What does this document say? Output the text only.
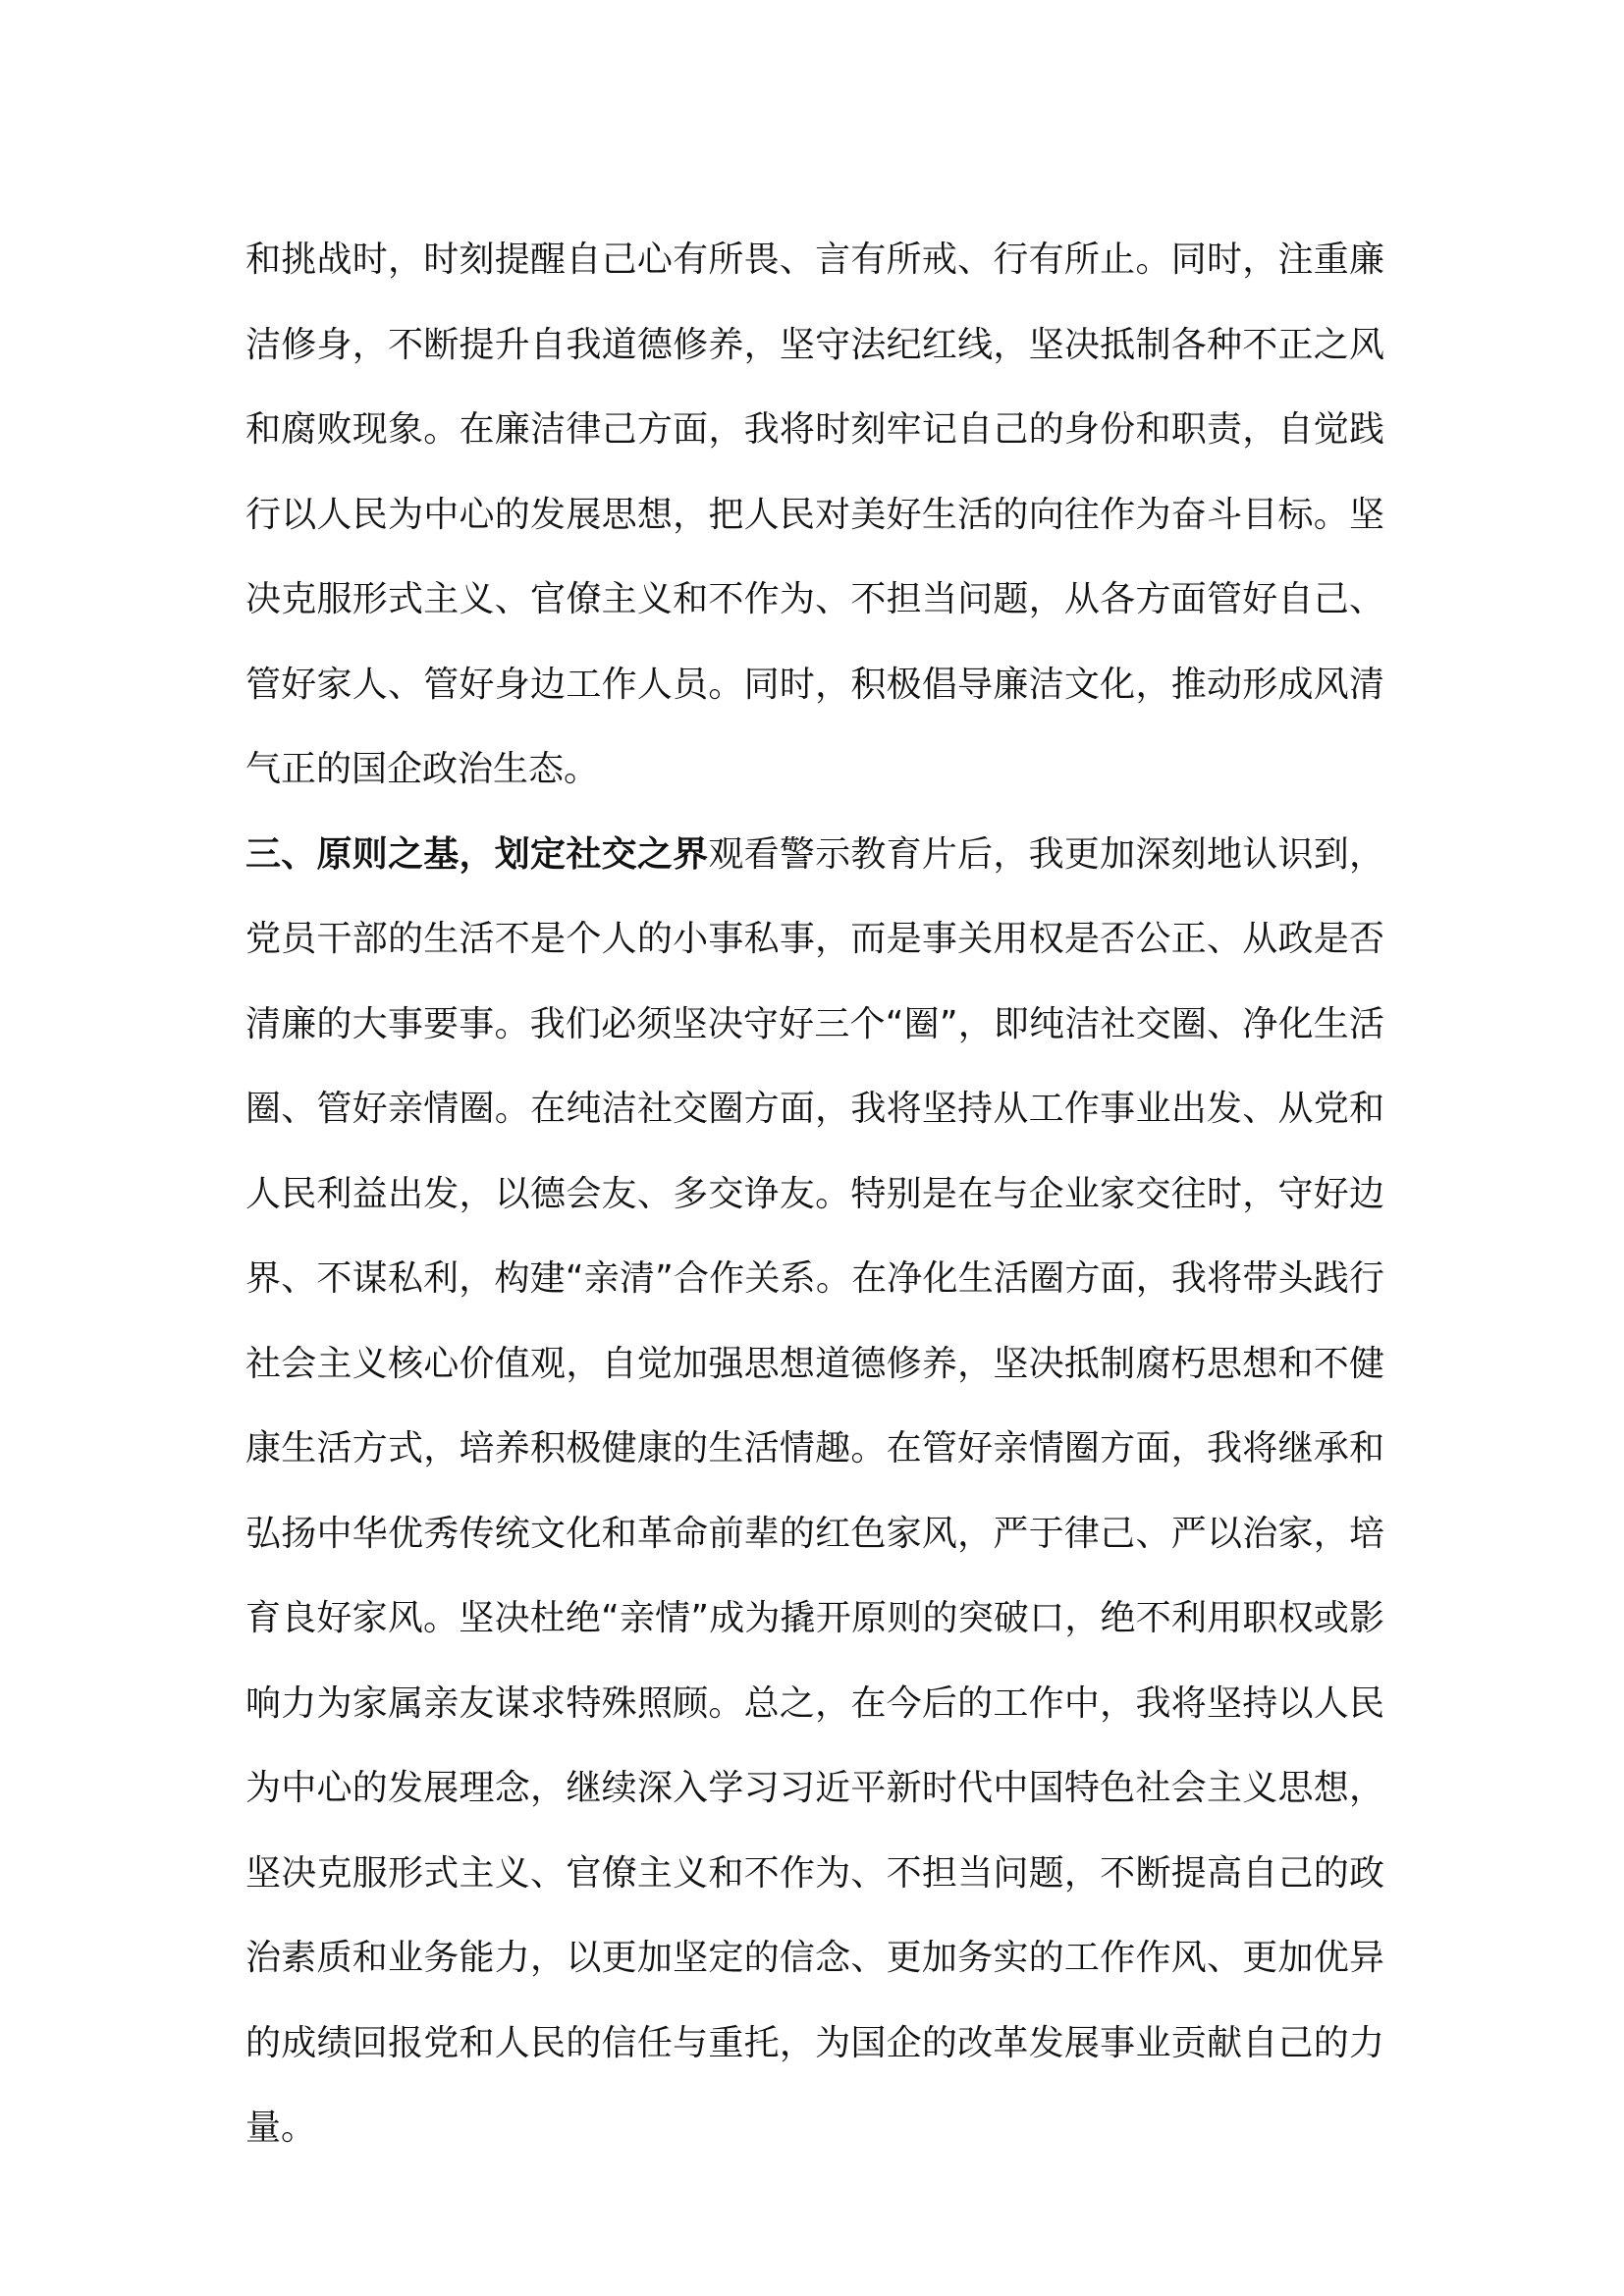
和挑战时，时刻提醒自己心有所畏、言有所戒、行有所止。同时，注重廉洁修身，不断提升自我道德修养，坚守法纪红线，坚决抵制各种不正之风和腐败现象。在廉洁律己方面，我将时刻牢记自己的身份和职责，自觉践行以人民为中心的发展思想，把人民对美好生活的向往作为奋斗目标。坚决克服形式主义、官僚主义和不作为、不担当问题，从各方面管好自己、管好家人、管好身边工作人员。同时，积极倡导廉洁文化，推动形成风清气正的国企政治生态。

三、原则之基，划定社交之界观看警示教育片后，我更加深刻地认识到，党员干部的生活不是个人的小事私事，而是事关用权是否公正、从政是否清廉的大事要事。我们必须坚决守好三个“圈”，即纯洁社交圈、净化生活圈、管好亲情圈。在纯洁社交圈方面，我将坚持从工作事业出发、从党和人民利益出发，以德会友、多交诤友。特别是在与企业家交往时，守好边界、不谋私利，构建“亲清”合作关系。在净化生活圈方面，我将带头践行社会主义核心价值观，自觉加强思想道德修养，坚决抵制腐朽思想和不健康生活方式，培养积极健康的生活情趣。在管好亲情圈方面，我将继承和弘扬中华优秀传统文化和革命前辈的红色家风，严于律己、严以治家，培育良好家风。坚决杜绝“亲情”成为撬开原则的突破口，绝不利用职权或影响力为家属亲友谋求特殊照顾。总之，在今后的工作中，我将坚持以人民为中心的发展理念，继续深入学习习近平新时代中国特色社会主义思想，坚决克服形式主义、官僚主义和不作为、不担当问题，不断提高自己的政治素质和业务能力，以更加坚定的信念、更加务实的工作作风、更加优异的成绩回报党和人民的信任与重托，为国企的改革发展事业贡献自己的力量。
